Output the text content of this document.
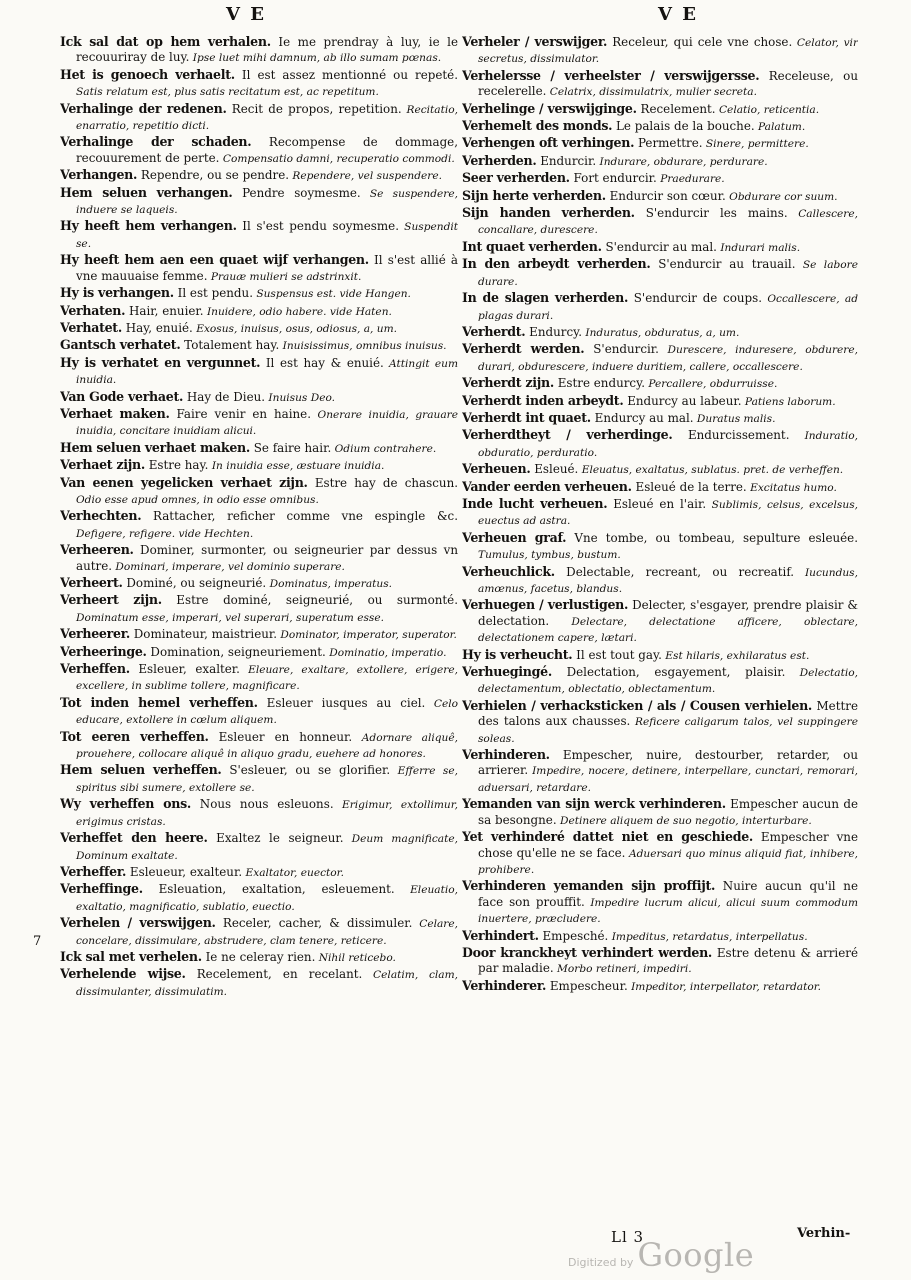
V E	V E
7

Ick sal dat op hem verhalen. Ie me prendray à luy, ie le recouuriray de luy. Ipse luet mihi damnum, ab illo sumam pœnas.

Het is genoech verhaelt. Il est assez mentionné ou repeté. Satis relatum est, plus satis recitatum est, ac repetitum.

Verhalinge der redenen. Recit de propos, repetition. Recitatio, enarratio, repetitio dicti.

Verhalinge der schaden. Recompense de dommage, recouurement de perte. Compensatio damni, recuperatio commodi.

Verhangen. Rependre, ou se pendre. Rependere, vel suspendere.

Hem seluen verhangen. Pendre soymesme. Se suspendere, induere se laqueis.

Hy heeft hem verhangen. Il s'est pendu soymesme. Suspendit se.

Hy heeft hem aen een quaet wijf verhangen. Il s'est allié à vne mauuaise femme. Prauæ mulieri se adstrinxit.

Hy is verhangen. Il est pendu. Suspensus est. vide Hangen.

Verhaten. Hair, enuier. Inuidere, odio habere. vide Haten.

Verhatet. Hay, enuié. Exosus, inuisus, osus, odiosus, a, um.

Gantsch verhatet. Totalement hay. Inuisissimus, omnibus inuisus.

Hy is verhatet en vergunnet. Il est hay & enuié. Attingit eum inuidia.

Van Gode verhaet. Hay de Dieu. Inuisus Deo.

Verhaet maken. Faire venir en haine. Onerare inuidia, grauare inuidia, concitare inuidiam alicui.

Hem seluen verhaet maken. Se faire hair. Odium contrahere.

Verhaet zijn. Estre hay. In inuidia esse, æstuare inuidia.

Van eenen yegelicken verhaet zijn. Estre hay de chascun. Odio esse apud omnes, in odio esse omnibus.

Verhechten. Rattacher, reficher comme vne espingle &c. Defigere, refigere. vide Hechten.

Verheeren. Dominer, surmonter, ou seigneurier par dessus vn autre. Dominari, imperare, vel dominio superare.

Verheert. Dominé, ou seigneurié. Dominatus, imperatus.

Verheert zijn. Estre dominé, seigneurié, ou surmonté. Dominatum esse, imperari, vel superari, superatum esse.

Verheerer. Dominateur, maistrieur. Dominator, imperator, superator.

Verheeringe. Domination, seigneuriement. Dominatio, imperatio.

Verheffen. Esleuer, exalter. Eleuare, exaltare, extollere, erigere, excellere, in sublime tollere, magnificare.

Tot inden hemel verheffen. Esleuer iusques au ciel. Celo educare, extollere in cœlum aliquem.

Tot eeren verheffen. Esleuer en honneur. Adornare aliquê, prouehere, collocare aliquê in aliquo gradu, euehere ad honores.

Hem seluen verheffen. S'esleuer, ou se glorifier. Efferre se, spiritus sibi sumere, extollere se.

Wy verheffen ons. Nous nous esleuons. Erigimur, extollimur, erigimus cristas.

Verheffet den heere. Exaltez le seigneur. Deum magnificate, Dominum exaltate.

Verheffer. Esleueur, exalteur. Exaltator, euector.

Verheffinge. Esleuation, exaltation, esleuement. Eleuatio, exaltatio, magnificatio, sublatio, euectio.

Verhelen / verswijgen. Receler, cacher, & dissimuler. Celare, concelare, dissimulare, abstrudere, clam tenere, reticere.

Ick sal met verhelen. Ie ne celeray rien. Nihil reticebo.

Verhelende wijse. Recelement, en recelant. Celatim, clam, dissimulanter, dissimulatim.

Verheler / verswijger. Receleur, qui cele vne chose. Celator, vir secretus, dissimulator.

Verhelersse / verheelster / verswijgersse. Receleuse, ou recelerelle. Celatrix, dissimulatrix, mulier secreta.

Verhelinge / verswijginge. Recelement. Celatio, reticentia.

Verhemelt des monds. Le palais de la bouche. Palatum.

Verhengen oft verhingen. Permettre. Sinere, permittere.

Verherden. Endurcir. Indurare, obdurare, perdurare.

Seer verherden. Fort endurcir. Praedurare.

Sijn herte verherden. Endurcir son cœur. Obdurare cor suum.

Sijn handen verherden. S'endurcir les mains. Callescere, concallare, durescere.

Int quaet verherden. S'endurcir au mal. Indurari malis.

In den arbeydt verherden. S'endurcir au trauail. Se labore durare.

In de slagen verherden. S'endurcir de coups. Occallescere, ad plagas durari.

Verherdt. Endurcy. Induratus, obduratus, a, um.

Verherdt werden. S'endurcir. Durescere, induresere, obdurere, durari, obdurescere, induere duritiem, callere, occallescere.

Verherdt zijn. Estre endurcy. Percallere, obdurruisse.

Verherdt inden arbeydt. Endurcy au labeur. Patiens laborum.

Verherdt int quaet. Endurcy au mal. Duratus malis.

Verherdtheyt / verherdinge. Endurcissement. Induratio, obduratio, perduratio.

Verheuen. Esleué. Eleuatus, exaltatus, sublatus. pret. de verheffen.

Vander eerden verheuen. Esleué de la terre. Excitatus humo.

Inde lucht verheuen. Esleué en l'air. Sublimis, celsus, excelsus, euectus ad astra.

Verheuen graf. Vne tombe, ou tombeau, sepulture esleuée. Tumulus, tymbus, bustum.

Verheuchlick. Delectable, recreant, ou recreatif. Iucundus, amœnus, facetus, blandus.

Verhuegen / verlustigen. Delecter, s'esgayer, prendre plaisir & delectation. Delectare, delectatione afficere, oblectare, delectationem capere, lætari.

Hy is verheucht. Il est tout gay. Est hilaris, exhilaratus est.

Verhuegingé. Delectation, esgayement, plaisir. Delectatio, delectamentum, oblectatio, oblectamentum.

Verhielen / verhacksticken / als / Cousen verhielen. Mettre des talons aux chausses. Reficere caligarum talos, vel suppingere soleas.

Verhinderen. Empescher, nuire, destourber, retarder, ou arrierer. Impedire, nocere, detinere, interpellare, cunctari, remorari, aduersari, retardare.

Yemanden van sijn werck verhinderen. Empescher aucun de sa besongne. Detinere aliquem de suo negotio, interturbare.

Yet verhinderé dattet niet en geschiede. Empescher vne chose qu'elle ne se face. Aduersari quo minus aliquid fiat, inhibere, prohibere.

Verhinderen yemanden sijn proffijt. Nuire aucun qu'il ne face son prouffit. Impedire lucrum alicui, alicui suum commodum inuertere, præcludere.

Verhindert. Empesché. Impeditus, retardatus, interpellatus.

Door kranckheyt verhindert werden. Estre detenu & arrieré par maladie. Morbo retineri, impediri.

Verhinderer. Empescheur. Impeditor, interpellator, retardator.

Ll 3	Verhin-
Digitized by Google
